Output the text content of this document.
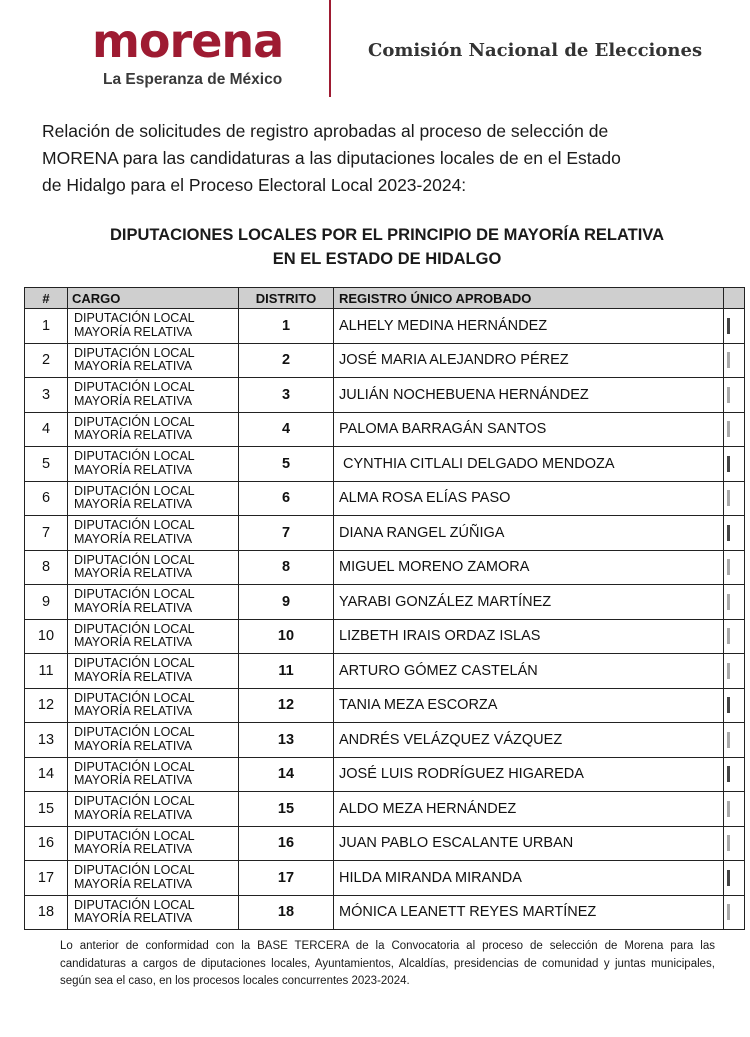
morena
La Esperanza de México
Comisión Nacional de Elecciones
Relación de solicitudes de registro aprobadas al proceso de selección de
MORENA para las candidaturas a las diputaciones locales de en el Estado
de Hidalgo para el Proceso Electoral Local 2023-2024:
DIPUTACIONES LOCALES POR EL PRINCIPIO DE MAYORÍA RELATIVA
EN EL ESTADO DE HIDALGO
#	CARGO	DISTRITO	REGISTRO ÚNICO APROBADO	
1	DIPUTACIÓN LOCAL
MAYORÍA RELATIVA	1	ALHELY MEDINA HERNÁNDEZ	
2	DIPUTACIÓN LOCAL
MAYORÍA RELATIVA	2	JOSÉ MARIA ALEJANDRO PÉREZ	
3	DIPUTACIÓN LOCAL
MAYORÍA RELATIVA	3	JULIÁN NOCHEBUENA HERNÁNDEZ	
4	DIPUTACIÓN LOCAL
MAYORÍA RELATIVA	4	PALOMA BARRAGÁN SANTOS	
5	DIPUTACIÓN LOCAL
MAYORÍA RELATIVA	5	CYNTHIA CITLALI DELGADO MENDOZA	
6	DIPUTACIÓN LOCAL
MAYORÍA RELATIVA	6	ALMA ROSA ELÍAS PASO	
7	DIPUTACIÓN LOCAL
MAYORÍA RELATIVA	7	DIANA RANGEL ZÚÑIGA	
8	DIPUTACIÓN LOCAL
MAYORÍA RELATIVA	8	MIGUEL MORENO ZAMORA	
9	DIPUTACIÓN LOCAL
MAYORÍA RELATIVA	9	YARABI GONZÁLEZ MARTÍNEZ	
10	DIPUTACIÓN LOCAL
MAYORÍA RELATIVA	10	LIZBETH IRAIS ORDAZ ISLAS	
11	DIPUTACIÓN LOCAL
MAYORÍA RELATIVA	11	ARTURO GÓMEZ CASTELÁN	
12	DIPUTACIÓN LOCAL
MAYORÍA RELATIVA	12	TANIA MEZA ESCORZA	
13	DIPUTACIÓN LOCAL
MAYORÍA RELATIVA	13	ANDRÉS VELÁZQUEZ VÁZQUEZ	
14	DIPUTACIÓN LOCAL
MAYORÍA RELATIVA	14	JOSÉ LUIS RODRÍGUEZ HIGAREDA	
15	DIPUTACIÓN LOCAL
MAYORÍA RELATIVA	15	ALDO MEZA HERNÁNDEZ	
16	DIPUTACIÓN LOCAL
MAYORÍA RELATIVA	16	JUAN PABLO ESCALANTE URBAN	
17	DIPUTACIÓN LOCAL
MAYORÍA RELATIVA	17	HILDA MIRANDA MIRANDA	
18	DIPUTACIÓN LOCAL
MAYORÍA RELATIVA	18	MÓNICA LEANETT REYES MARTÍNEZ	
Lo anterior de conformidad con la BASE TERCERA de la Convocatoria al proceso de selección de Morena para las candidaturas a cargos de diputaciones locales, Ayuntamientos, Alcaldías, presidencias de comunidad y juntas municipales, según sea el caso, en los procesos locales concurrentes 2023-2024.
